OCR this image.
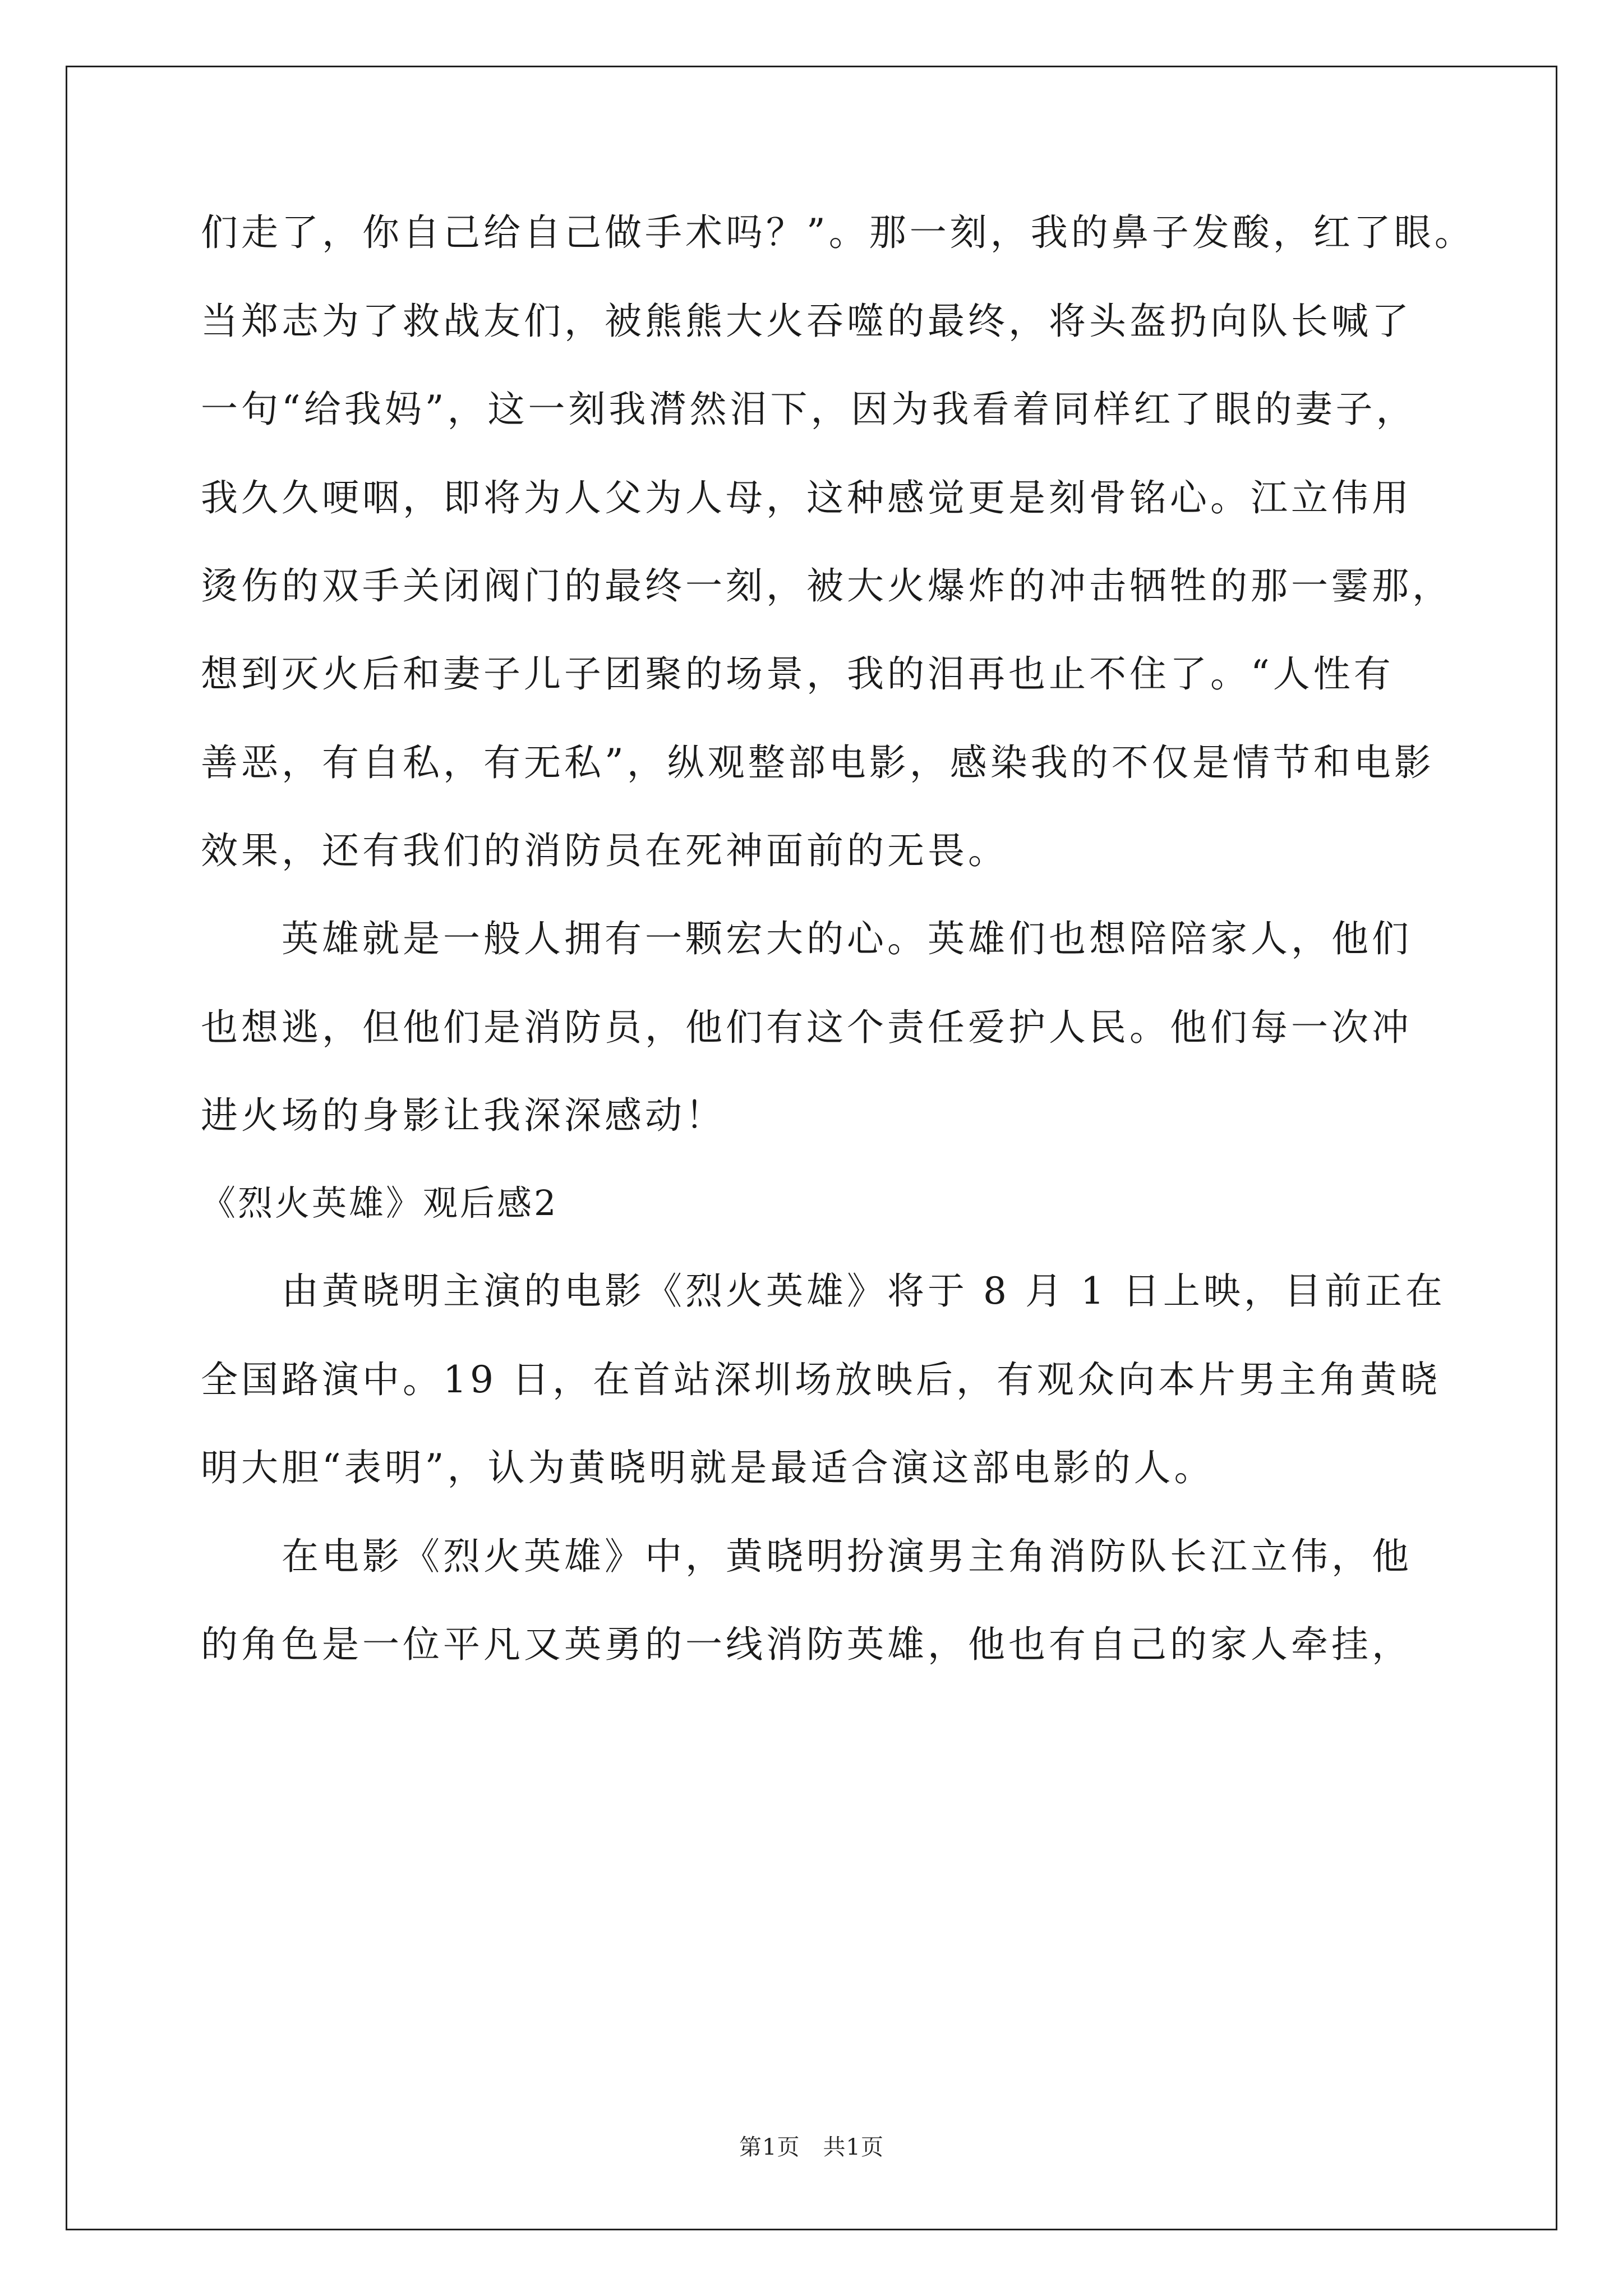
们走了，你自己给自己做手术吗？”。那一刻，我的鼻子发酸，红了眼。
当郑志为了救战友们，被熊熊大火吞噬的最终，将头盔扔向队长喊了
一句“给我妈”，这一刻我潸然泪下，因为我看着同样红了眼的妻子，
我久久哽咽，即将为人父为人母，这种感觉更是刻骨铭心。江立伟用
烫伤的双手关闭阀门的最终一刻，被大火爆炸的冲击牺牲的那一霎那，
想到灭火后和妻子儿子团聚的场景，我的泪再也止不住了。“人性有
善恶，有自私，有无私”，纵观整部电影，感染我的不仅是情节和电影
效果，还有我们的消防员在死神面前的无畏。
英雄就是一般人拥有一颗宏大的心。英雄们也想陪陪家人，他们
也想逃，但他们是消防员，他们有这个责任爱护人民。他们每一次冲
进火场的身影让我深深感动！
《烈火英雄》观后感2
由黄晓明主演的电影《烈火英雄》将于 8 月 1 日上映，目前正在
全国路演中。19 日，在首站深圳场放映后，有观众向本片男主角黄晓
明大胆“表明”，认为黄晓明就是最适合演这部电影的人。
在电影《烈火英雄》中，黄晓明扮演男主角消防队长江立伟，他
的角色是一位平凡又英勇的一线消防英雄，他也有自己的家人牵挂，
第1页　共1页
